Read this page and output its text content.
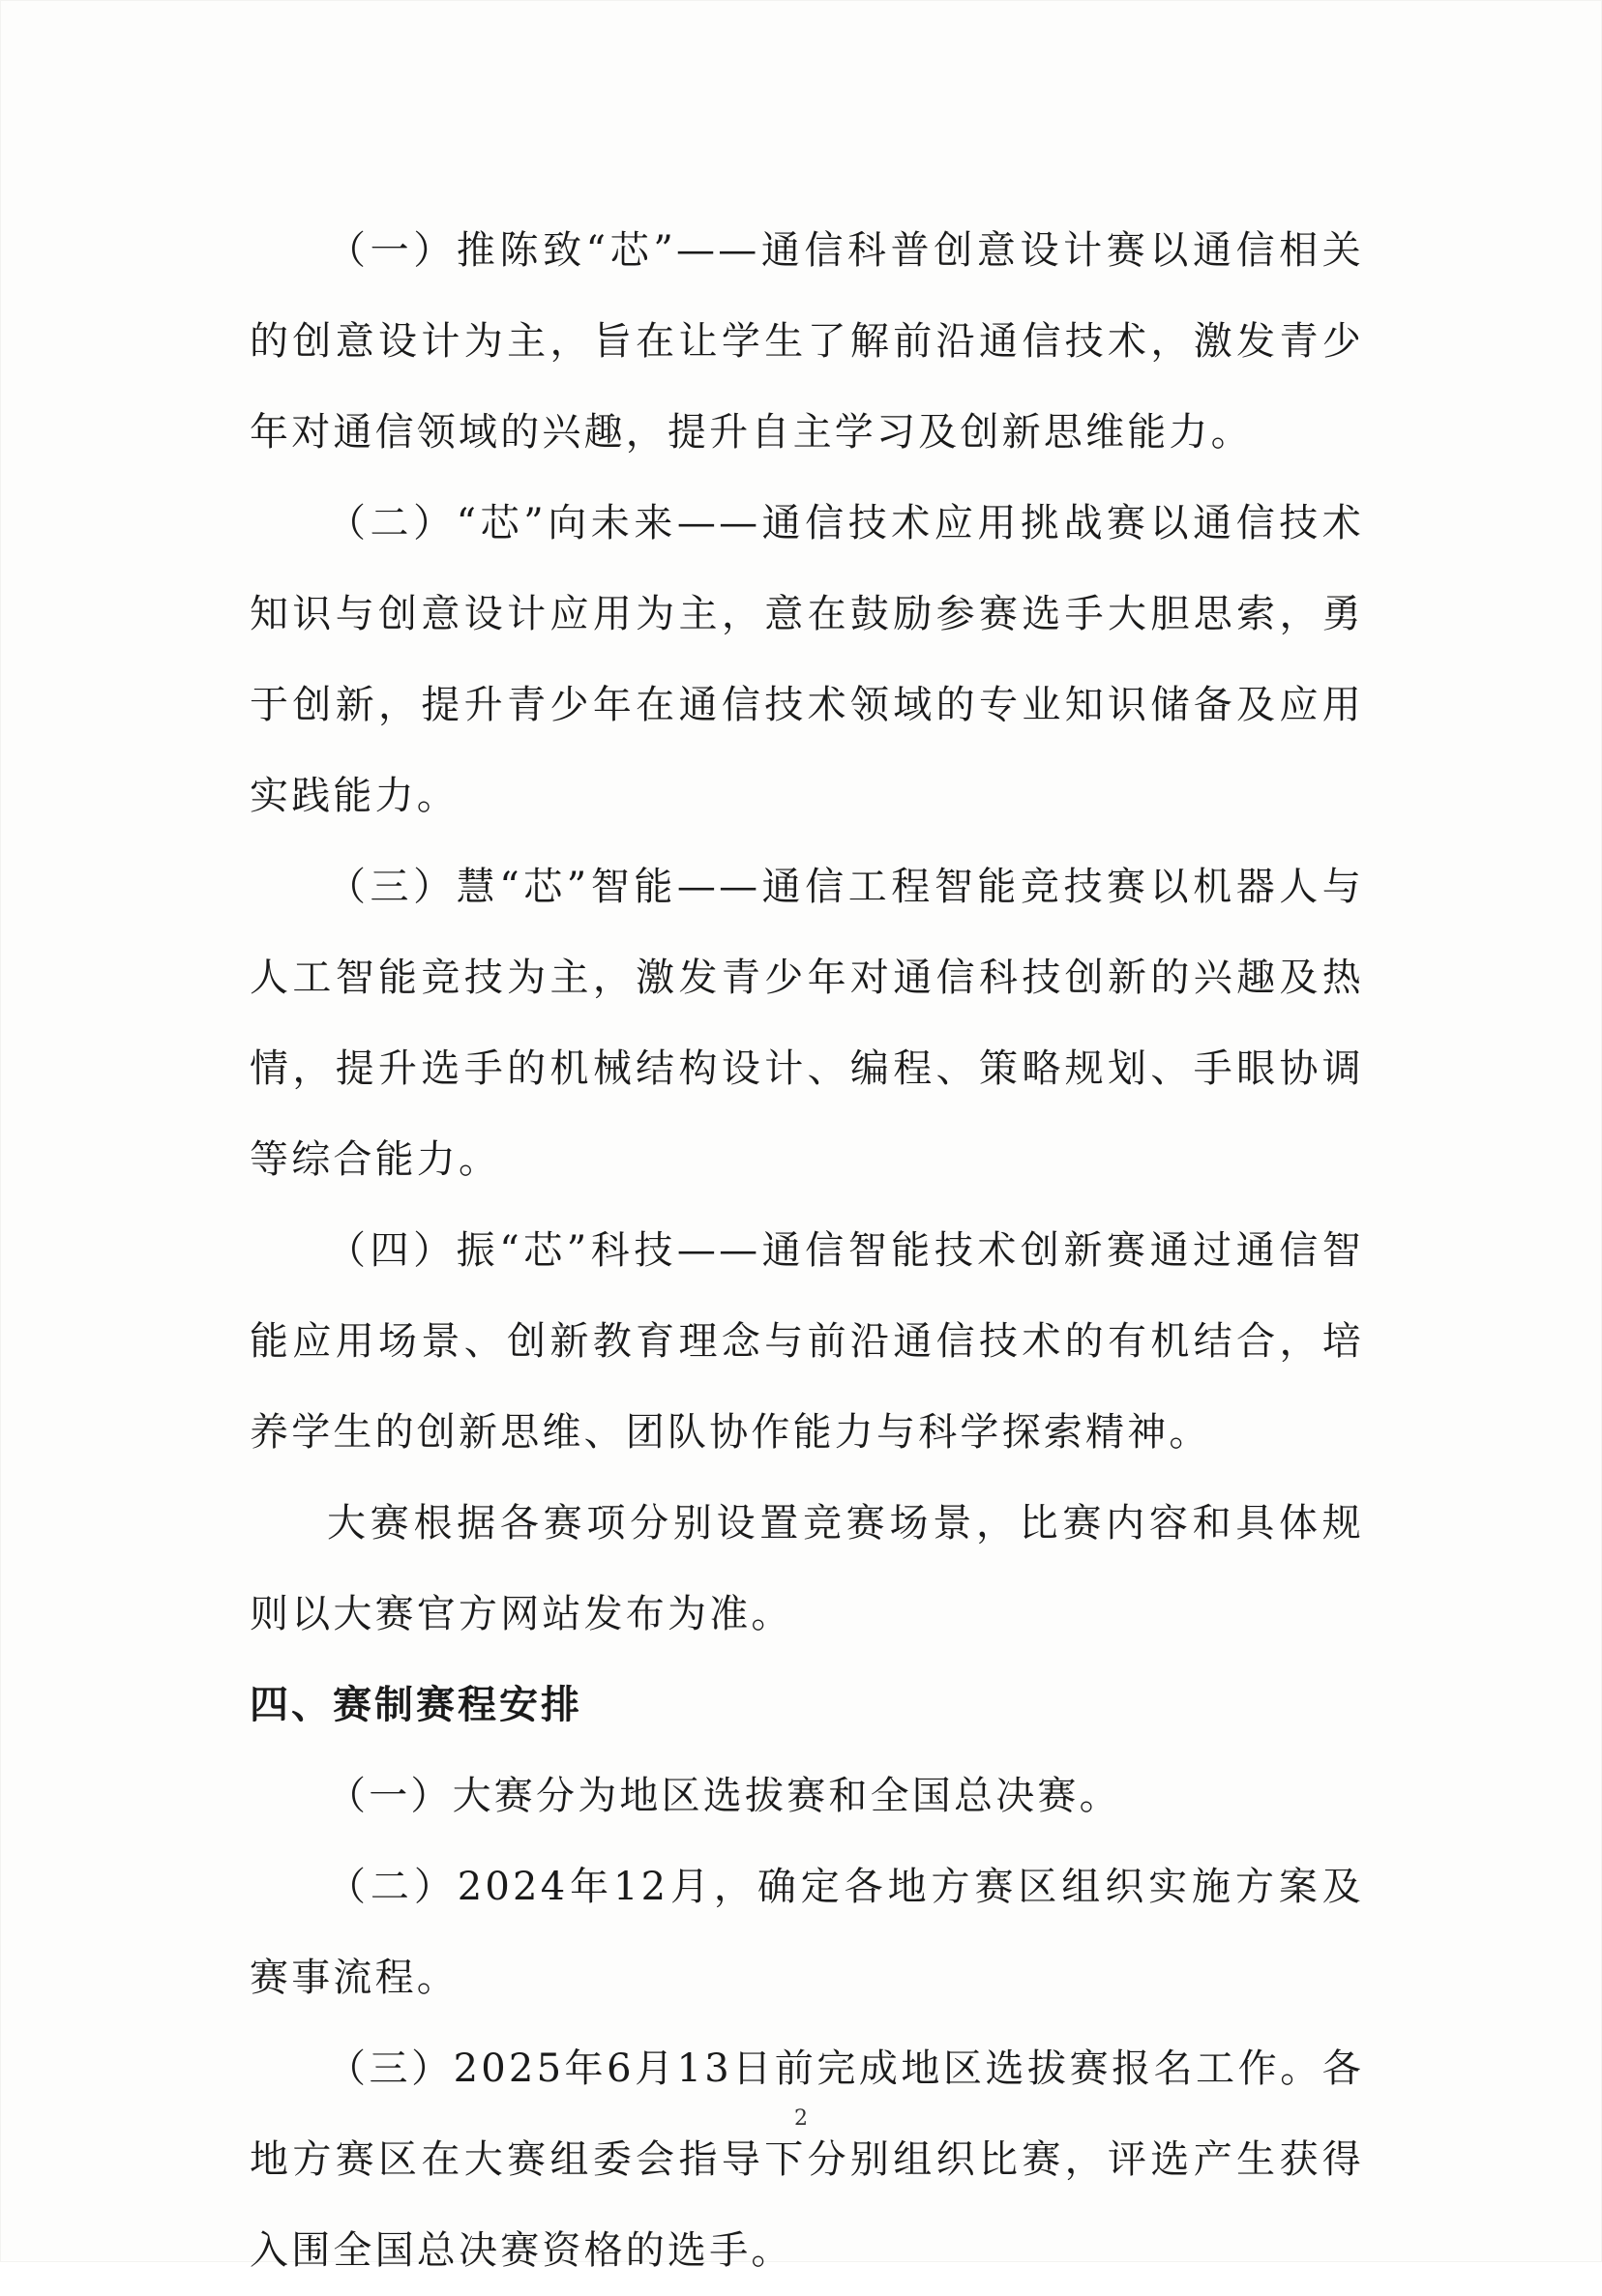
（一）推陈致“芯”——通信科普创意设计赛以通信相关的创意设计为主，旨在让学生了解前沿通信技术，激发青少年对通信领域的兴趣，提升自主学习及创新思维能力。

（二）“芯”向未来——通信技术应用挑战赛以通信技术知识与创意设计应用为主，意在鼓励参赛选手大胆思索，勇于创新，提升青少年在通信技术领域的专业知识储备及应用实践能力。

（三）慧“芯”智能——通信工程智能竞技赛以机器人与人工智能竞技为主，激发青少年对通信科技创新的兴趣及热情，提升选手的机械结构设计、编程、策略规划、手眼协调等综合能力。

（四）振“芯”科技——通信智能技术创新赛通过通信智能应用场景、创新教育理念与前沿通信技术的有机结合，培养学生的创新思维、团队协作能力与科学探索精神。

大赛根据各赛项分别设置竞赛场景，比赛内容和具体规则以大赛官方网站发布为准。

四、赛制赛程安排

（一）大赛分为地区选拔赛和全国总决赛。

（二）2024年12月，确定各地方赛区组织实施方案及赛事流程。

（三）2025年6月13日前完成地区选拔赛报名工作。各地方赛区在大赛组委会指导下分别组织比赛，评选产生获得入围全国总决赛资格的选手。

2
